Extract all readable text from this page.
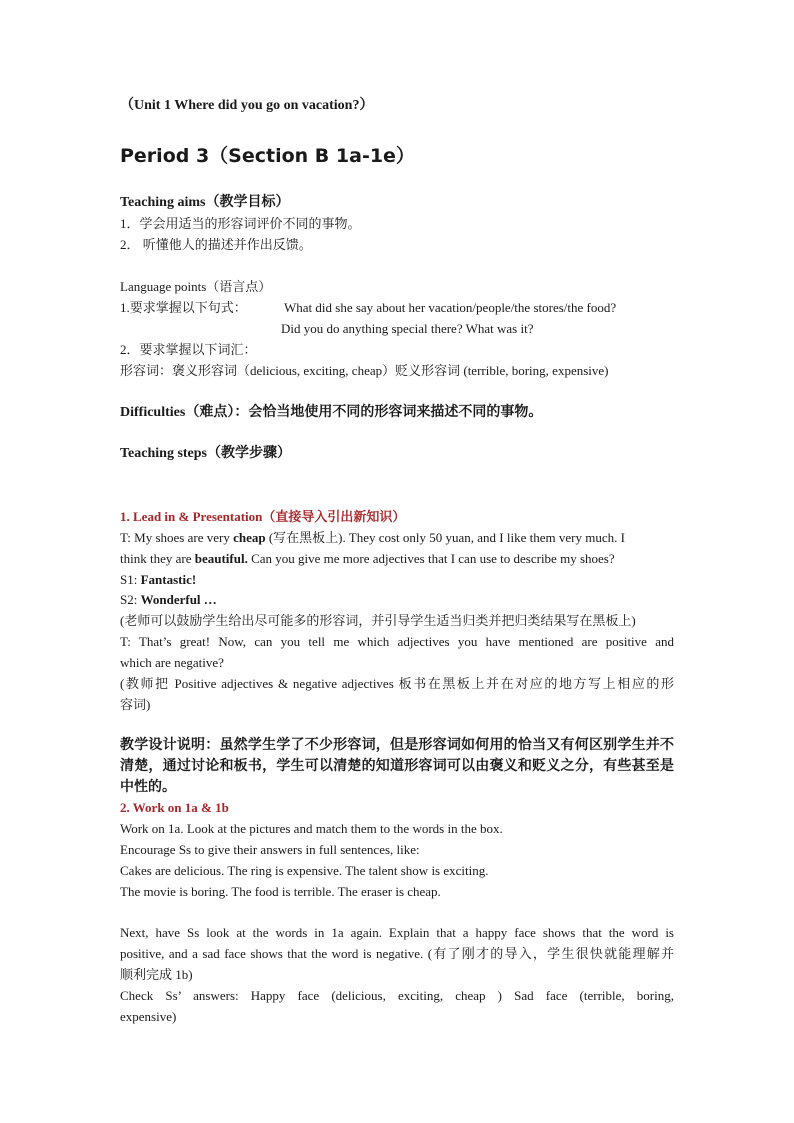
（Unit 1 Where did you go on vacation?）
Period 3（Section B 1a-1e）
Teaching aims（教学目标）
1．学会用适当的形容词评价不同的事物。
2． 听懂他人的描述并作出反馈。
Language points（语言点）
1.要求掌握以下句式：	What did she say about her vacation/people/the stores/the food?
Did you do anything special there? What was it?
2．要求掌握以下词汇：
形容词：褒义形容词（delicious, exciting, cheap）贬义形容词 (terrible, boring, expensive)
Difficulties（难点）：会恰当地使用不同的形容词来描述不同的事物。
Teaching steps（教学步骤）
1. Lead in & Presentation（直接导入引出新知识）
T: My shoes are very cheap (写在黑板上). They cost only 50 yuan, and I like them very much. I
think they are beautiful. Can you give me more adjectives that I can use to describe my shoes?
S1: Fantastic!
S2: Wonderful …
(老师可以鼓励学生给出尽可能多的形容词，并引导学生适当归类并把归类结果写在黑板上)
T: That’s great! Now, can you tell me which adjectives you have mentioned are positive and
which are negative?
(教师把 Positive adjectives & negative adjectives 板书在黑板上并在对应的地方写上相应的形
容词)
教学设计说明：虽然学生学了不少形容词，但是形容词如何用的恰当又有何区别学生并不
清楚，通过讨论和板书，学生可以清楚的知道形容词可以由褒义和贬义之分，有些甚至是
中性的。
2. Work on 1a & 1b
Work on 1a. Look at the pictures and match them to the words in the box.
Encourage Ss to give their answers in full sentences, like:
Cakes are delicious. The ring is expensive. The talent show is exciting.
The movie is boring. The food is terrible. The eraser is cheap.
Next, have Ss look at the words in 1a again. Explain that a happy face shows that the word is
positive, and a sad face shows that the word is negative. (有了刚才的导入，学生很快就能理解并
顺利完成 1b)
Check Ss’ answers: Happy face (delicious, exciting, cheap ) Sad face (terrible, boring,
expensive)
